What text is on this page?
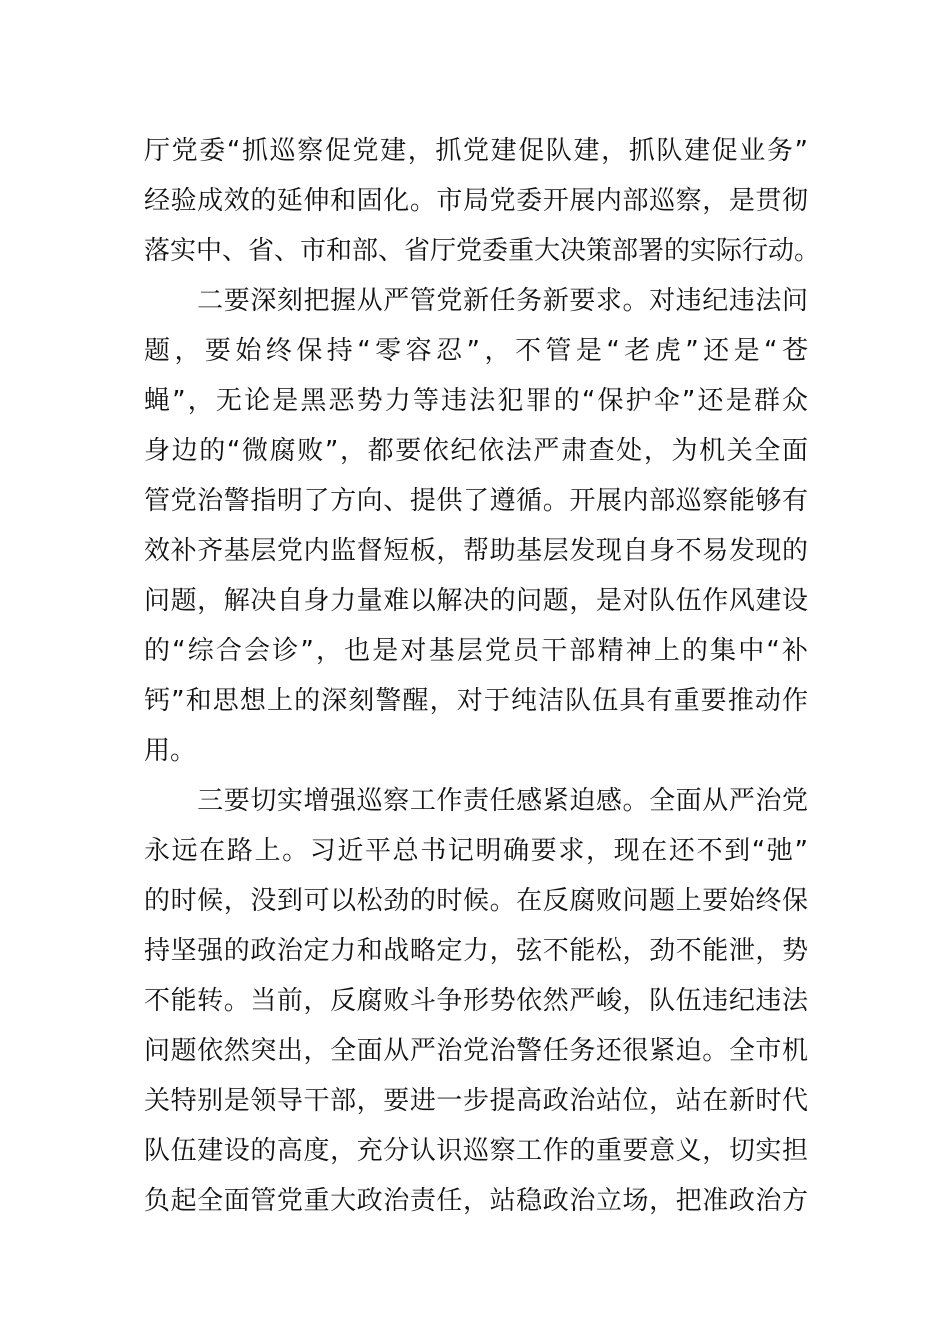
厅党委“抓巡察促党建，抓党建促队建，抓队建促业务”
经验成效的延伸和固化。市局党委开展内部巡察，是贯彻
落实中、省、市和部、省厅党委重大决策部署的实际行动。
　　二要深刻把握从严管党新任务新要求。对违纪违法问
题，要始终保持“零容忍”，不管是“老虎”还是“苍
蝇”，无论是黑恶势力等违法犯罪的“保护伞”还是群众
身边的“微腐败”，都要依纪依法严肃查处，为机关全面
管党治警指明了方向、提供了遵循。开展内部巡察能够有
效补齐基层党内监督短板，帮助基层发现自身不易发现的
问题，解决自身力量难以解决的问题，是对队伍作风建设
的“综合会诊”，也是对基层党员干部精神上的集中“补
钙”和思想上的深刻警醒，对于纯洁队伍具有重要推动作
用。
　　三要切实增强巡察工作责任感紧迫感。全面从严治党
永远在路上。习近平总书记明确要求，现在还不到“弛”
的时候，没到可以松劲的时候。在反腐败问题上要始终保
持坚强的政治定力和战略定力，弦不能松，劲不能泄，势
不能转。当前，反腐败斗争形势依然严峻，队伍违纪违法
问题依然突出，全面从严治党治警任务还很紧迫。全市机
关特别是领导干部，要进一步提高政治站位，站在新时代
队伍建设的高度，充分认识巡察工作的重要意义，切实担
负起全面管党重大政治责任，站稳政治立场，把准政治方
